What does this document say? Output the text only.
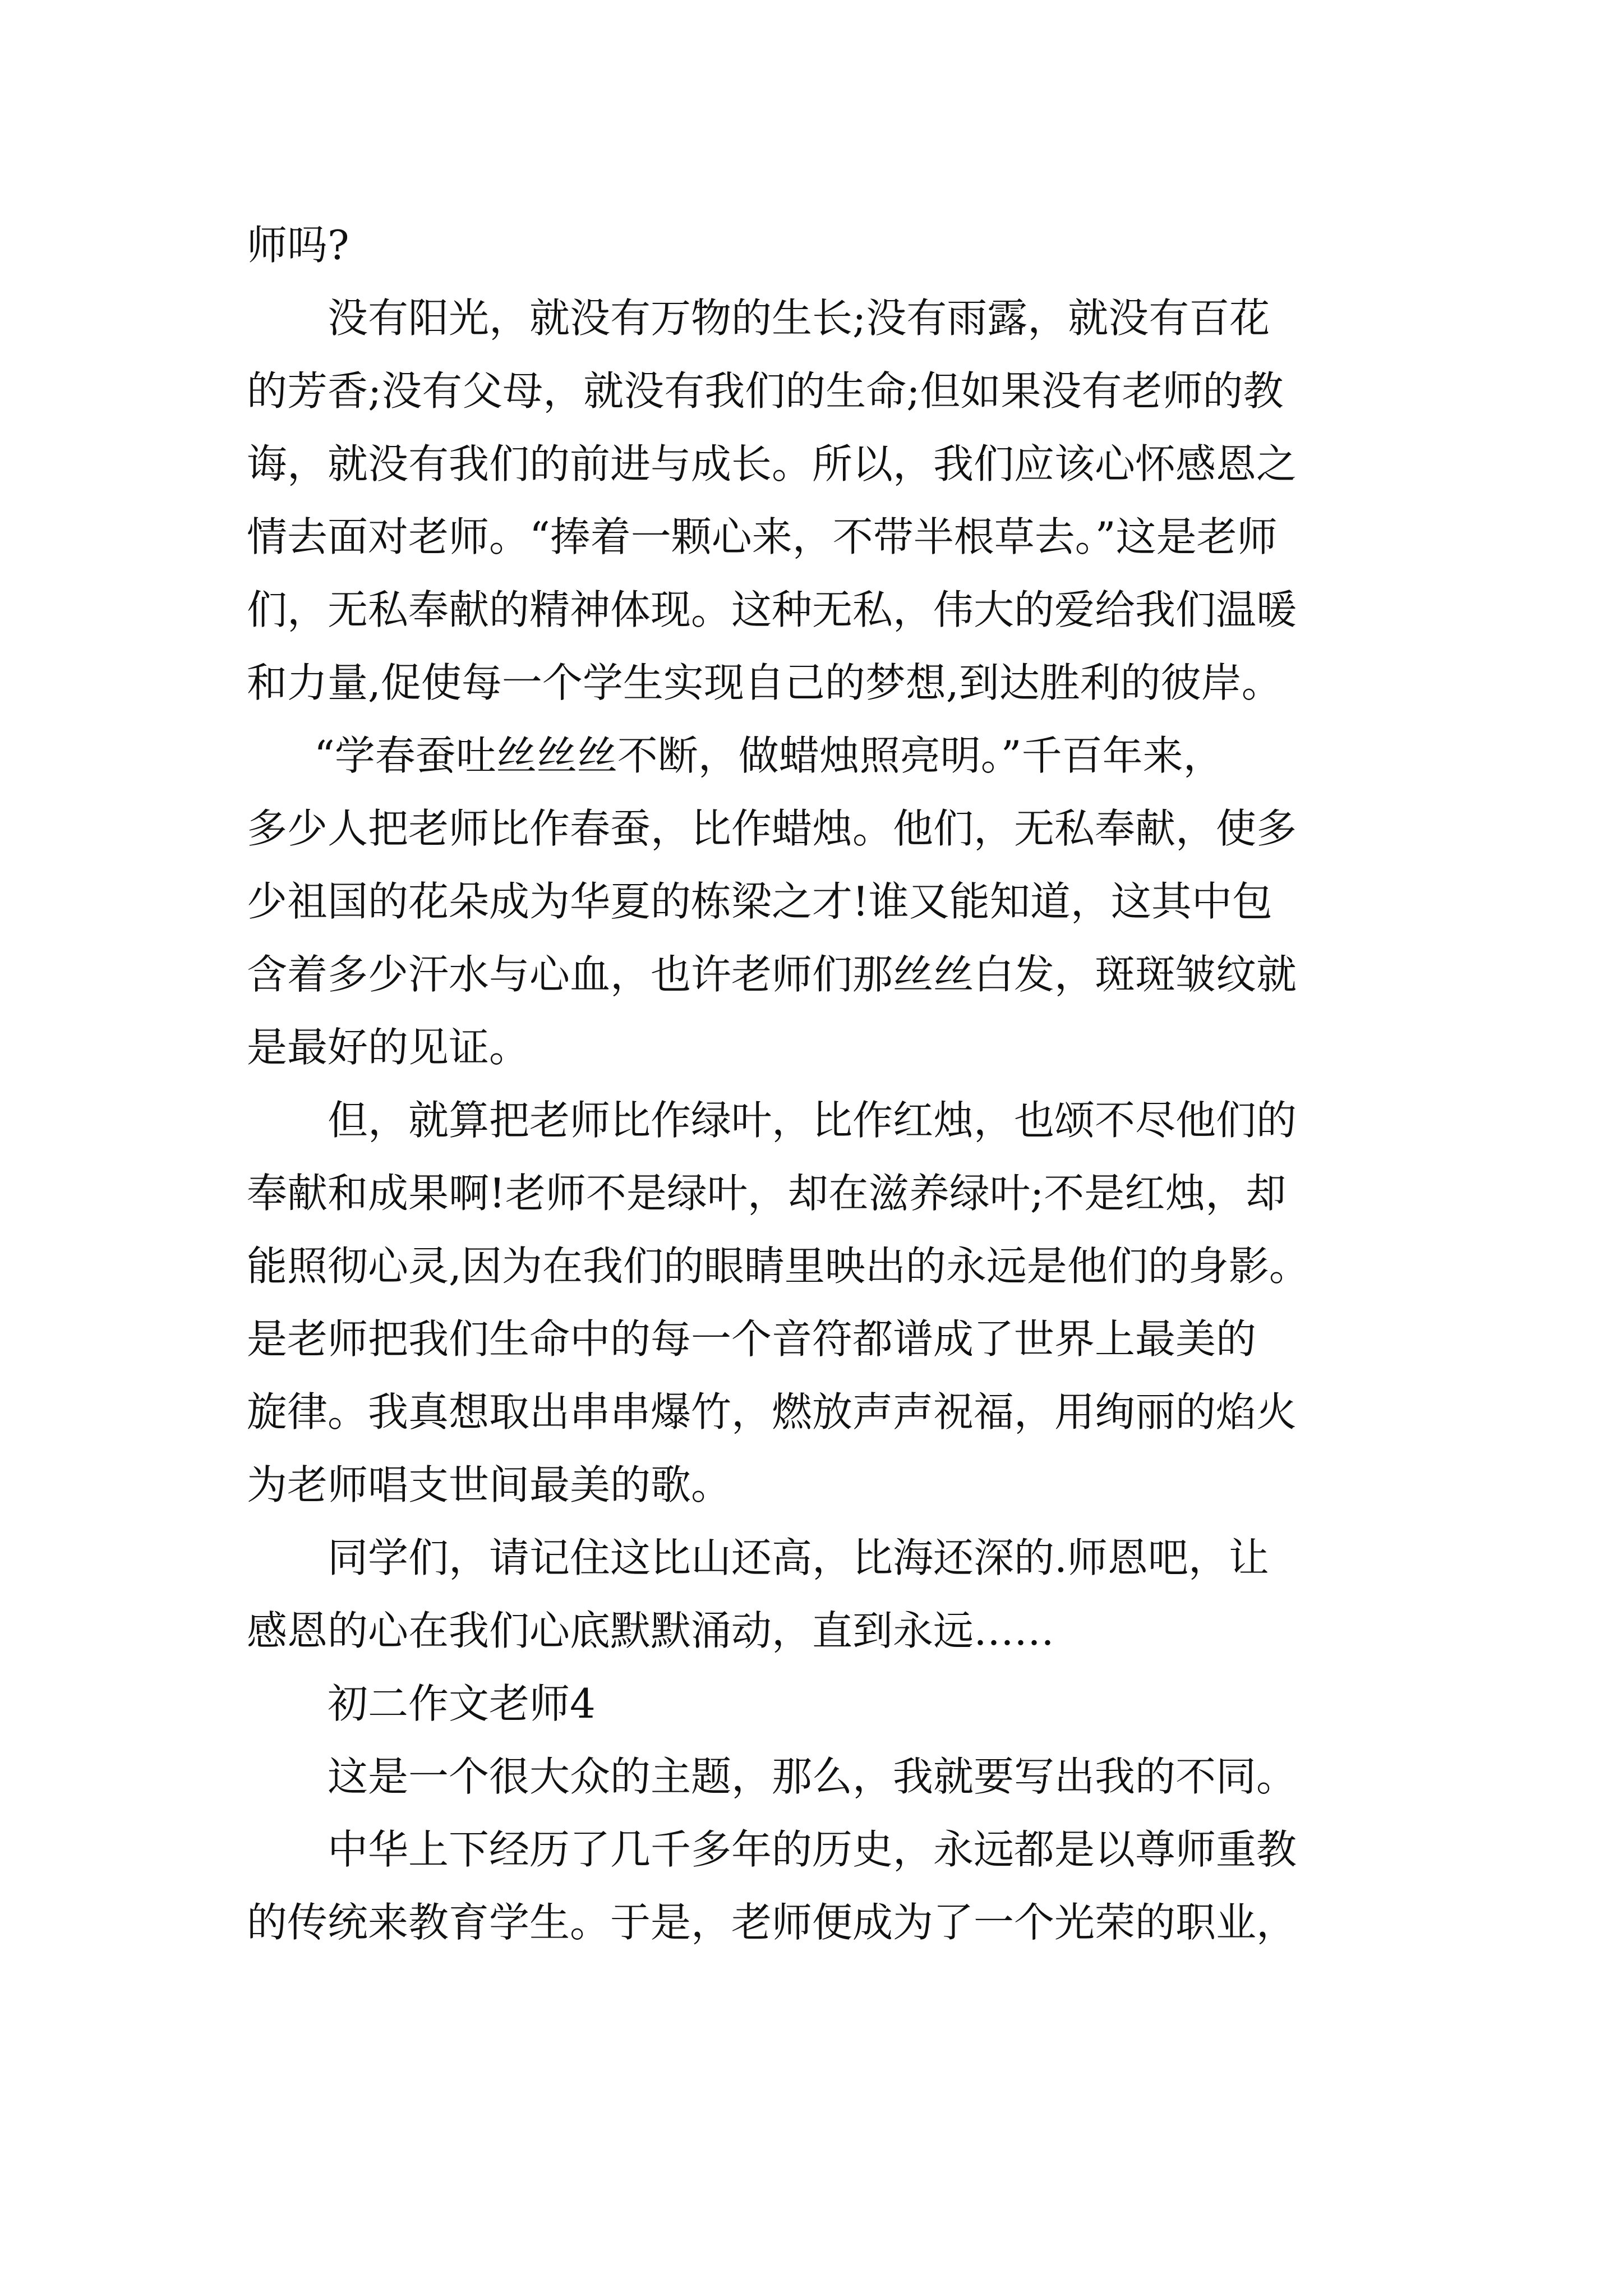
师吗?
没有阳光，就没有万物的生长;没有雨露，就没有百花
的芳香;没有父母，就没有我们的生命;但如果没有老师的教
诲，就没有我们的前进与成长。所以，我们应该心怀感恩之
情去面对老师。“捧着一颗心来，不带半根草去。”这是老师
们，无私奉献的精神体现。这种无私，伟大的爱给我们温暖
和力量,促使每一个学生实现自己的梦想,到达胜利的彼岸。
“学春蚕吐丝丝丝不断，做蜡烛照亮明。”千百年来，
多少人把老师比作春蚕，比作蜡烛。他们，无私奉献，使多
少祖国的花朵成为华夏的栋梁之才!谁又能知道，这其中包
含着多少汗水与心血，也许老师们那丝丝白发，斑斑皱纹就
是最好的见证。
但，就算把老师比作绿叶，比作红烛，也颂不尽他们的
奉献和成果啊!老师不是绿叶，却在滋养绿叶;不是红烛，却
能照彻心灵,因为在我们的眼睛里映出的永远是他们的身影。
是老师把我们生命中的每一个音符都谱成了世界上最美的
旋律。我真想取出串串爆竹，燃放声声祝福，用绚丽的焰火
为老师唱支世间最美的歌。
同学们，请记住这比山还高，比海还深的.师恩吧，让
感恩的心在我们心底默默涌动，直到永远……
初二作文老师4
这是一个很大众的主题，那么，我就要写出我的不同。
中华上下经历了几千多年的历史，永远都是以尊师重教
的传统来教育学生。于是，老师便成为了一个光荣的职业，
